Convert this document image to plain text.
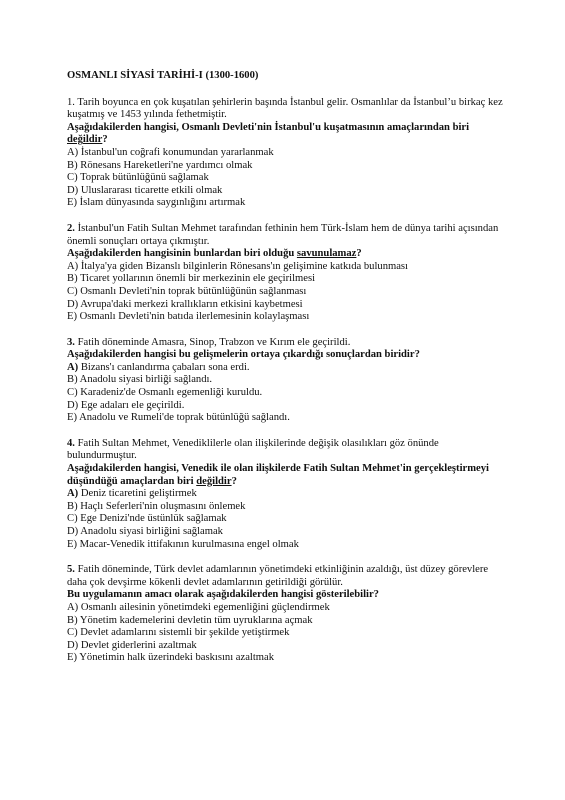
OSMANLI SİYASİ TARİHİ-I (1300-1600)
1. Tarih boyunca en çok kuşatılan şehirlerin başında İstanbul gelir. Osmanlılar da İstanbul’u birkaç kez kuşatmış ve 1453 yılında fethetmiştir.
Aşağıdakilerden hangisi, Osmanlı Devleti'nin İstanbul'u kuşatmasının amaçlarından biri değildir?
A) İstanbul'un coğrafi konumundan yararlanmak
B) Rönesans Hareketleri'ne yardımcı olmak
C) Toprak bütünlüğünü sağlamak
D) Uluslararası ticarette etkili olmak
E) İslam dünyasında saygınlığını artırmak
2. İstanbul'un Fatih Sultan Mehmet tarafından fethinin hem Türk-İslam hem de dünya tarihi açısından önemli sonuçları ortaya çıkmıştır.
Aşağıdakilerden hangisinin bunlardan biri olduğu savunulamaz?
A) İtalya'ya giden Bizanslı bilginlerin Rönesans'ın gelişimine katkıda bulunması
B) Ticaret yollarının önemli bir merkezinin ele geçirilmesi
C) Osmanlı Devleti'nin toprak bütünlüğünün sağlanması
D) Avrupa'daki merkezi krallıkların etkisini kaybetmesi
E) Osmanlı Devleti'nin batıda ilerlemesinin kolaylaşması
3. Fatih döneminde Amasra, Sinop, Trabzon ve Kırım ele geçirildi.
Aşağıdakilerden hangisi bu gelişmelerin ortaya çıkardığı sonuçlardan biridir?
A) Bizans'ı canlandırma çabaları sona erdi.
B) Anadolu siyasi birliği sağlandı.
C) Karadeniz'de Osmanlı egemenliği kuruldu.
D) Ege adaları ele geçirildi.
E) Anadolu ve Rumeli'de toprak bütünlüğü sağlandı.
4. Fatih Sultan Mehmet, Venediklilerle olan ilişkilerinde değişik olasılıkları göz önünde bulundurmuştur.
Aşağıdakilerden hangisi, Venedik ile olan ilişkilerde Fatih Sultan Mehmet'in gerçekleştirmeyi düşündüğü amaçlardan biri değildir?
A) Deniz ticaretini geliştirmek
B) Haçlı Seferleri'nin oluşmasını önlemek
C) Ege Denizi'nde üstünlük sağlamak
D) Anadolu siyasi birliğini sağlamak
E) Macar-Venedik ittifakının kurulmasına engel olmak
5. Fatih döneminde, Türk devlet adamlarının yönetimdeki etkinliğinin azaldığı, üst düzey görevlere daha çok devşirme kökenli devlet adamlarının getirildiği görülür.
Bu uygulamanın amacı olarak aşağıdakilerden hangisi gösterilebilir?
A) Osmanlı ailesinin yönetimdeki egemenliğini güçlendirmek
B) Yönetim kademelerini devletin tüm uyruklarına açmak
C) Devlet adamlarını sistemli bir şekilde yetiştirmek
D) Devlet giderlerini azaltmak
E) Yönetimin halk üzerindeki baskısını azaltmak
